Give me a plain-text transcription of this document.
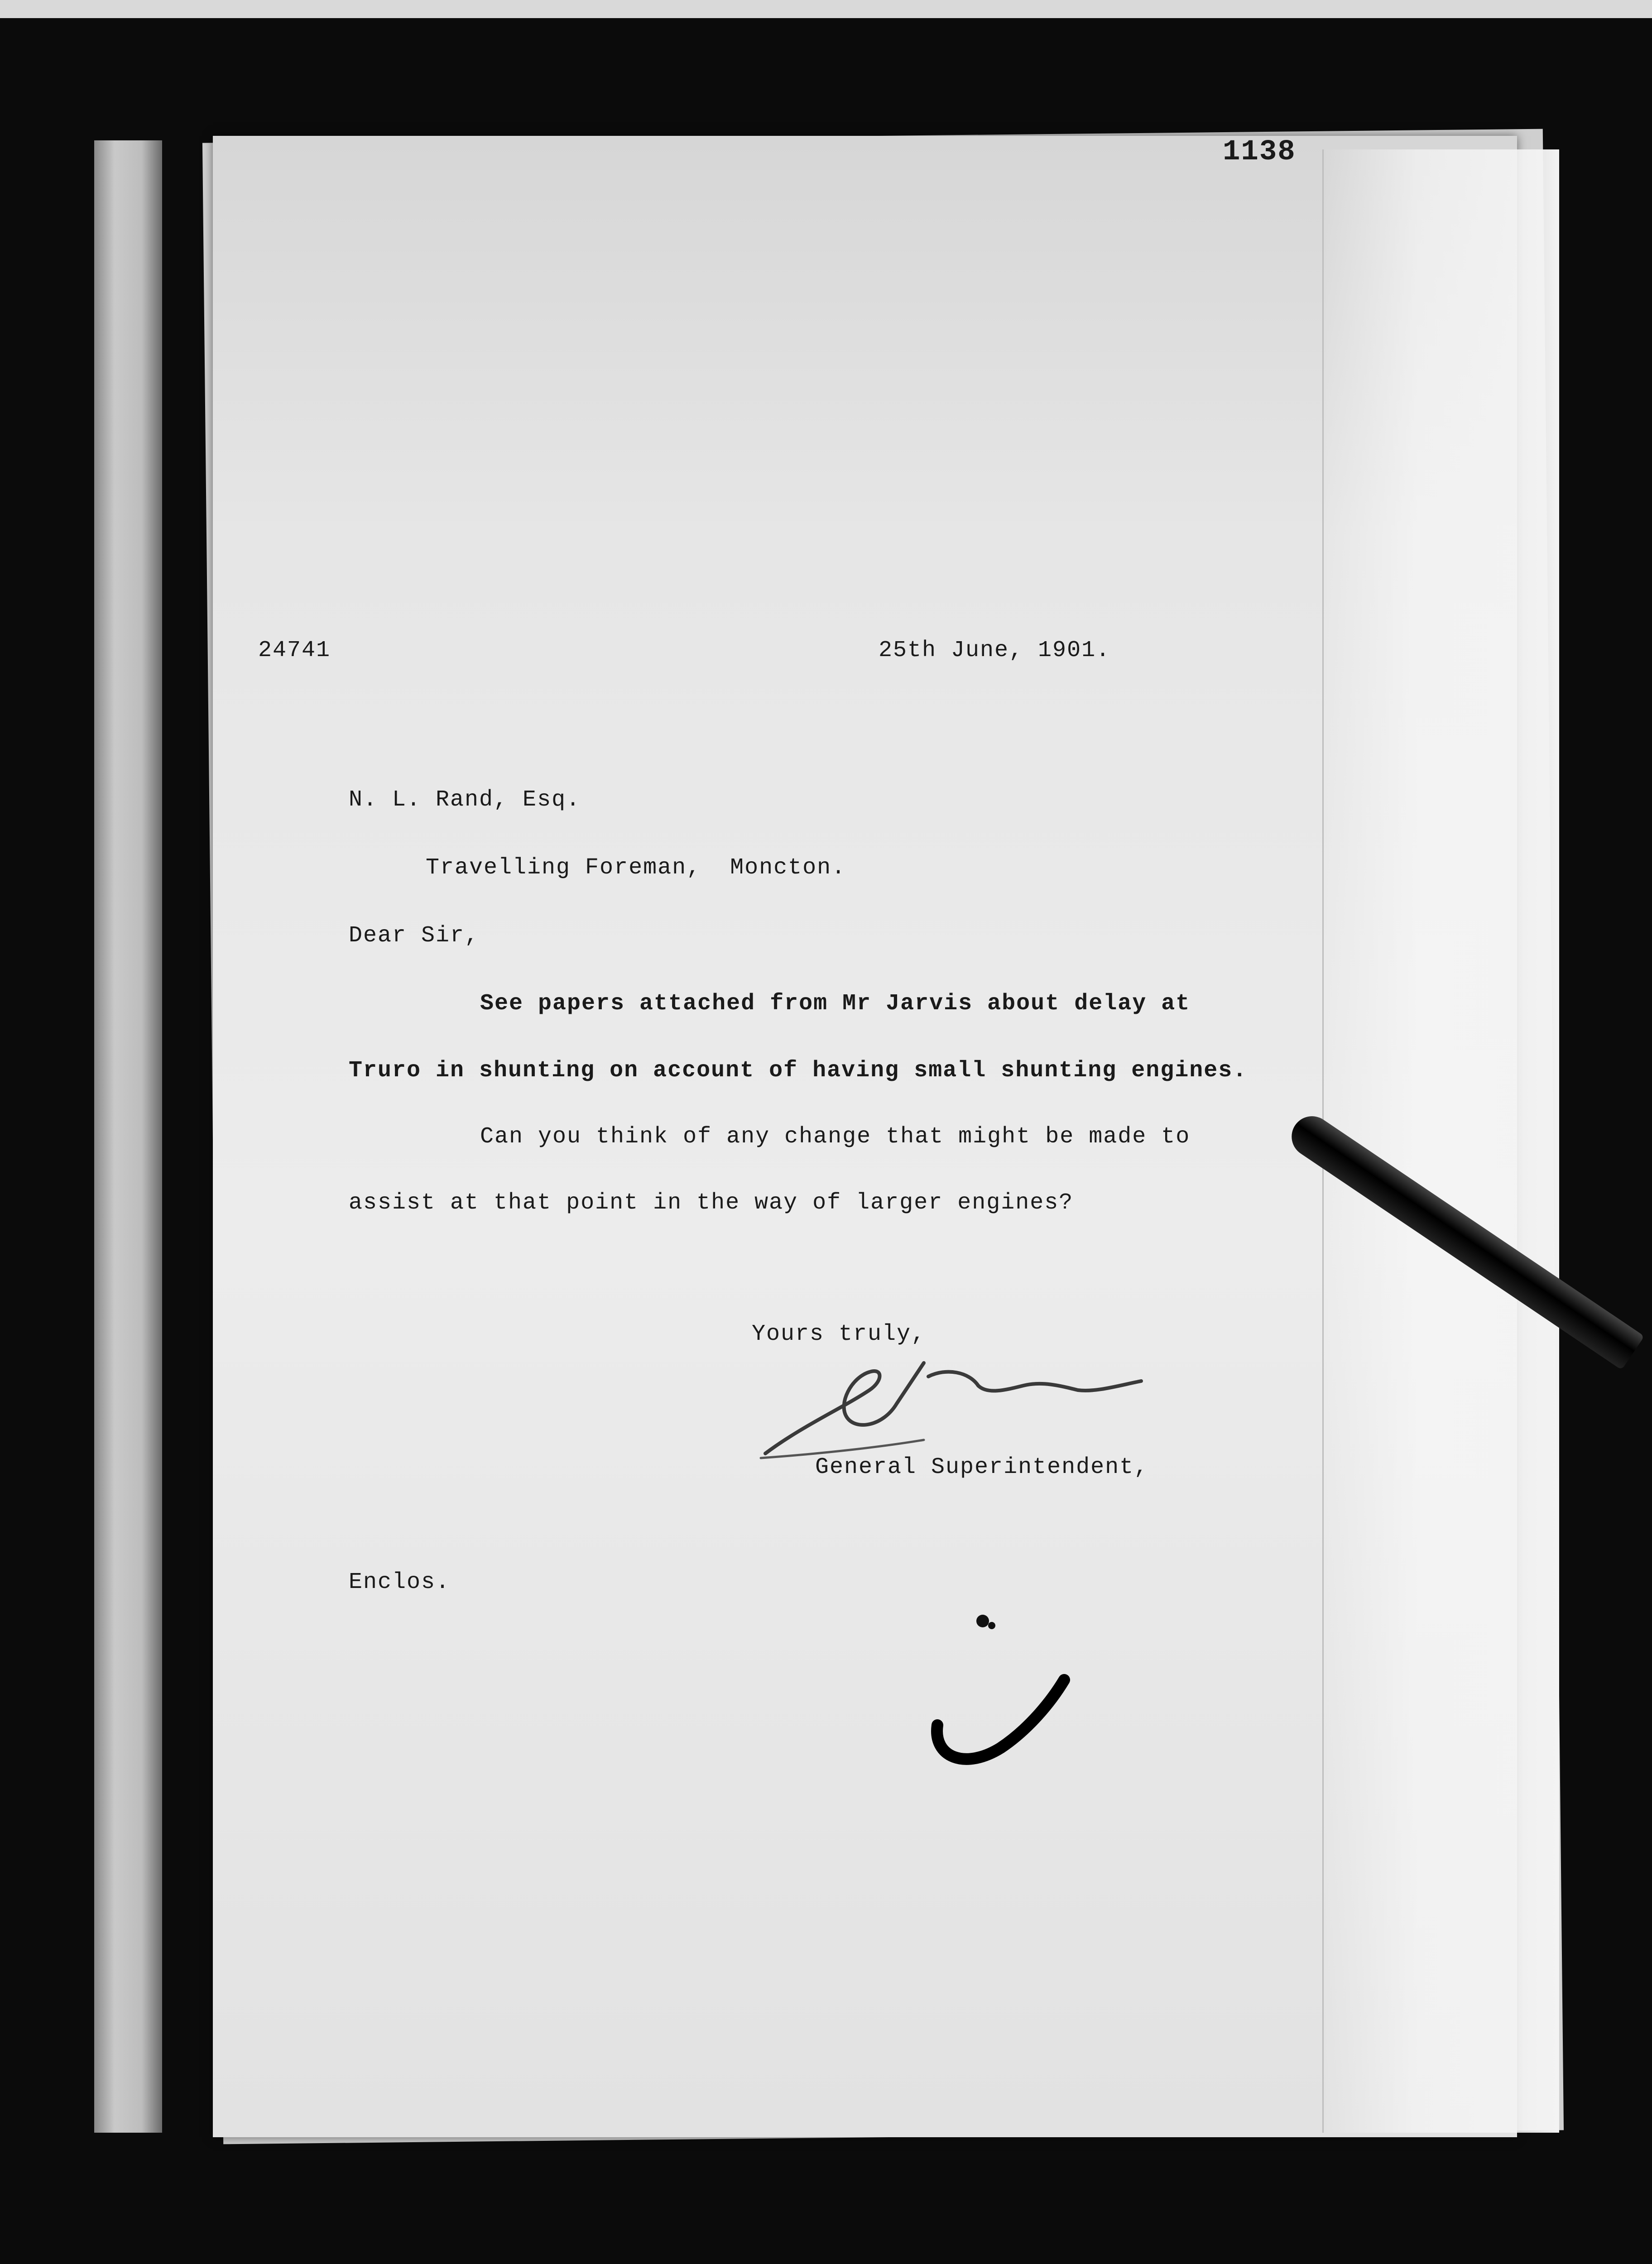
1138
24741	25th June, 1901.
N. L. Rand, Esq.
Travelling Foreman,  Moncton.
Dear Sir,
See papers attached from Mr Jarvis about delay at
Truro in shunting on account of having small shunting engines.
Can you think of any change that might be made to
assist at that point in the way of larger engines?
Yours truly,
General Superintendent,
Enclos.
